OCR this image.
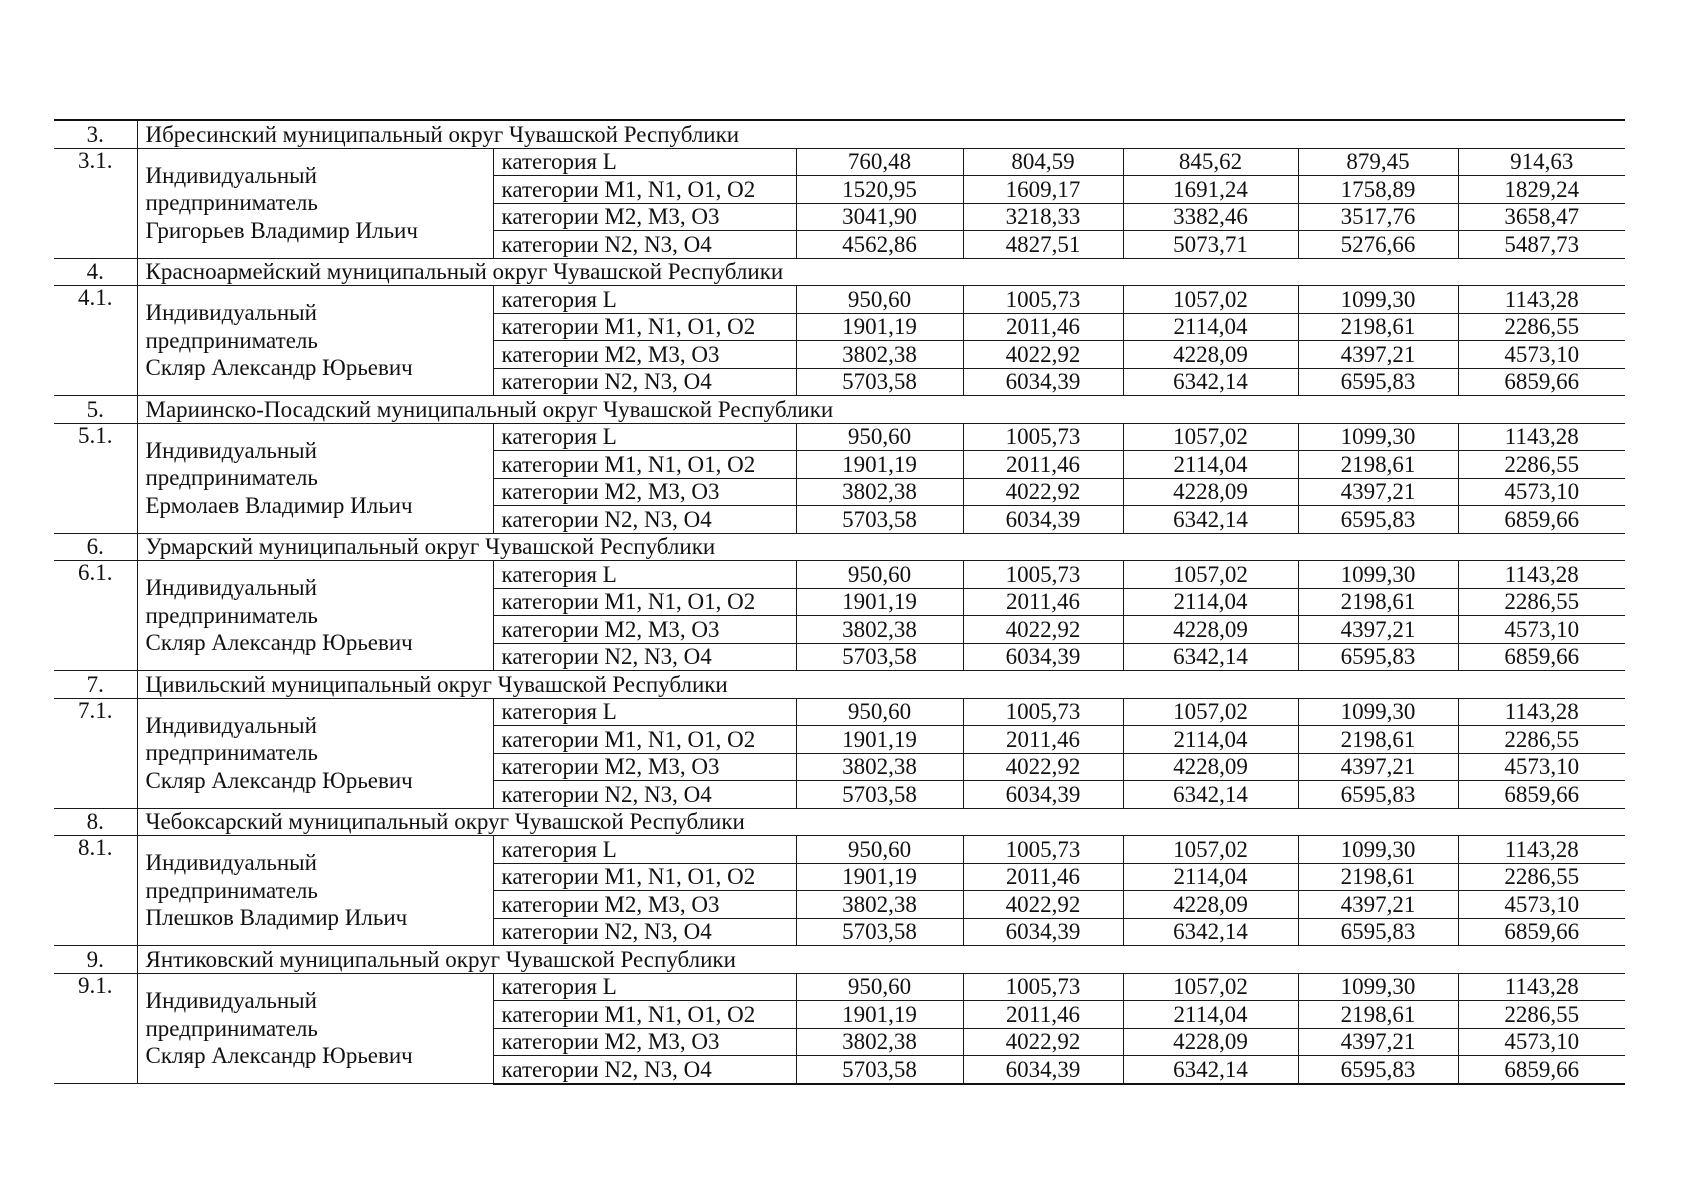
3.	Ибресинский муниципальный округ Чувашской Республики						
3.1.	Индивидуальный
предприниматель
Григорьев Владимир Ильич	категория L	760,48	804,59	845,62	879,45	914,63
		категории M1, N1, O1, O2	1520,95	1609,17	1691,24	1758,89	1829,24
		категории M2, M3, O3	3041,90	3218,33	3382,46	3517,76	3658,47
		категории N2, N3, O4	4562,86	4827,51	5073,71	5276,66	5487,73
4.	Красноармейский муниципальный округ Чувашской Республики						
4.1.	Индивидуальный
предприниматель
Скляр Александр Юрьевич	категория L	950,60	1005,73	1057,02	1099,30	1143,28
		категории M1, N1, O1, O2	1901,19	2011,46	2114,04	2198,61	2286,55
		категории M2, M3, O3	3802,38	4022,92	4228,09	4397,21	4573,10
		категории N2, N3, O4	5703,58	6034,39	6342,14	6595,83	6859,66
5.	Мариинско-Посадский муниципальный округ Чувашской Республики						
5.1.	Индивидуальный
предприниматель
Ермолаев Владимир Ильич	категория L	950,60	1005,73	1057,02	1099,30	1143,28
		категории M1, N1, O1, O2	1901,19	2011,46	2114,04	2198,61	2286,55
		категории M2, M3, O3	3802,38	4022,92	4228,09	4397,21	4573,10
		категории N2, N3, O4	5703,58	6034,39	6342,14	6595,83	6859,66
6.	Урмарский муниципальный округ Чувашской Республики						
6.1.	Индивидуальный
предприниматель
Скляр Александр Юрьевич	категория L	950,60	1005,73	1057,02	1099,30	1143,28
		категории M1, N1, O1, O2	1901,19	2011,46	2114,04	2198,61	2286,55
		категории M2, M3, O3	3802,38	4022,92	4228,09	4397,21	4573,10
		категории N2, N3, O4	5703,58	6034,39	6342,14	6595,83	6859,66
7.	Цивильский муниципальный округ Чувашской Республики						
7.1.	Индивидуальный
предприниматель
Скляр Александр Юрьевич	категория L	950,60	1005,73	1057,02	1099,30	1143,28
		категории M1, N1, O1, O2	1901,19	2011,46	2114,04	2198,61	2286,55
		категории M2, M3, O3	3802,38	4022,92	4228,09	4397,21	4573,10
		категории N2, N3, O4	5703,58	6034,39	6342,14	6595,83	6859,66
8.	Чебоксарский муниципальный округ Чувашской Республики						
8.1.	Индивидуальный
предприниматель
Плешков Владимир Ильич	категория L	950,60	1005,73	1057,02	1099,30	1143,28
		категории M1, N1, O1, O2	1901,19	2011,46	2114,04	2198,61	2286,55
		категории M2, M3, O3	3802,38	4022,92	4228,09	4397,21	4573,10
		категории N2, N3, O4	5703,58	6034,39	6342,14	6595,83	6859,66
9.	Янтиковский муниципальный округ Чувашской Республики						
9.1.	Индивидуальный
предприниматель
Скляр Александр Юрьевич	категория L	950,60	1005,73	1057,02	1099,30	1143,28
		категории M1, N1, O1, O2	1901,19	2011,46	2114,04	2198,61	2286,55
		категории M2, M3, O3	3802,38	4022,92	4228,09	4397,21	4573,10
		категории N2, N3, O4	5703,58	6034,39	6342,14	6595,83	6859,66
